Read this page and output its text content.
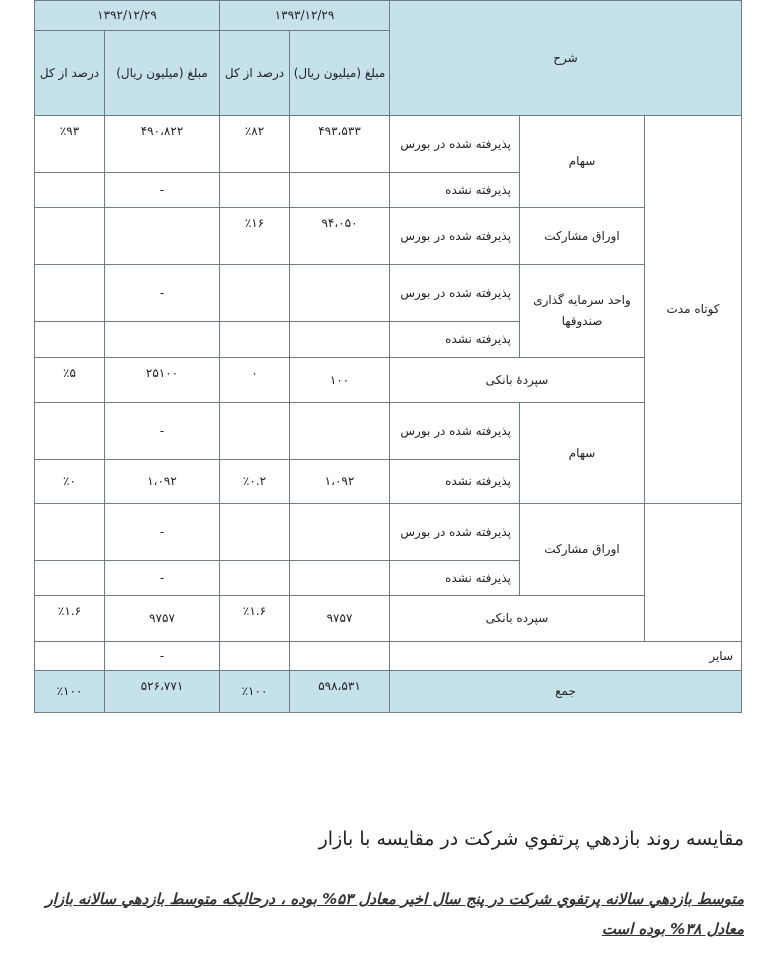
۱۳۹۲/۱۲/۲۹		۱۳۹۳/۱۲/۲۹		شرح			
درصد از کل	مبلغ (میلیون ریال)	درصد از کل	مبلغ (میلیون ریال)				
٪۹۳	۴۹۰،۸۲۲	٪۸۲	۴۹۳،۵۳۳	پذیرفته شده در بورس	سهام	کوتاه مدت	
	-			پذیرفته نشده			
		٪۱۶	۹۴،۰۵۰	پذیرفته شده در بورس	اوراق مشارکت		
	-			پذیرفته شده در بورس	واحد سرمایه گذاری صندوقها		
				پذیرفته نشده			
٪۵	۲۵۱۰۰	۰	۱۰۰	سپردهٔ بانکی			
	-			پذیرفته شده در بورس	سهام	
٪۰	۱،۰۹۲	٪۰.۲	۱،۰۹۲	پذیرفته نشده			
	-			پذیرفته شده در بورس	اوراق مشارکت		
	-			پذیرفته نشده			
٪۱.۶	۹۷۵۷	٪۱.۶	۹۷۵۷	سپرده بانکی			
	-			سایر			
٪۱۰۰	۵۲۶،۷۷۱	٪۱۰۰	۵۹۸،۵۳۱	جمع			
مقایسه روند بازدهي پرتفوي شرکت در مقایسه با بازار
متوسط بازدهي سالانه پرتفوي شرکت در پنج سال اخیر معادل ۵۳% بوده ، درحالیکه متوسط بازدهي سالانه بازار معادل ۳۸% بوده است
